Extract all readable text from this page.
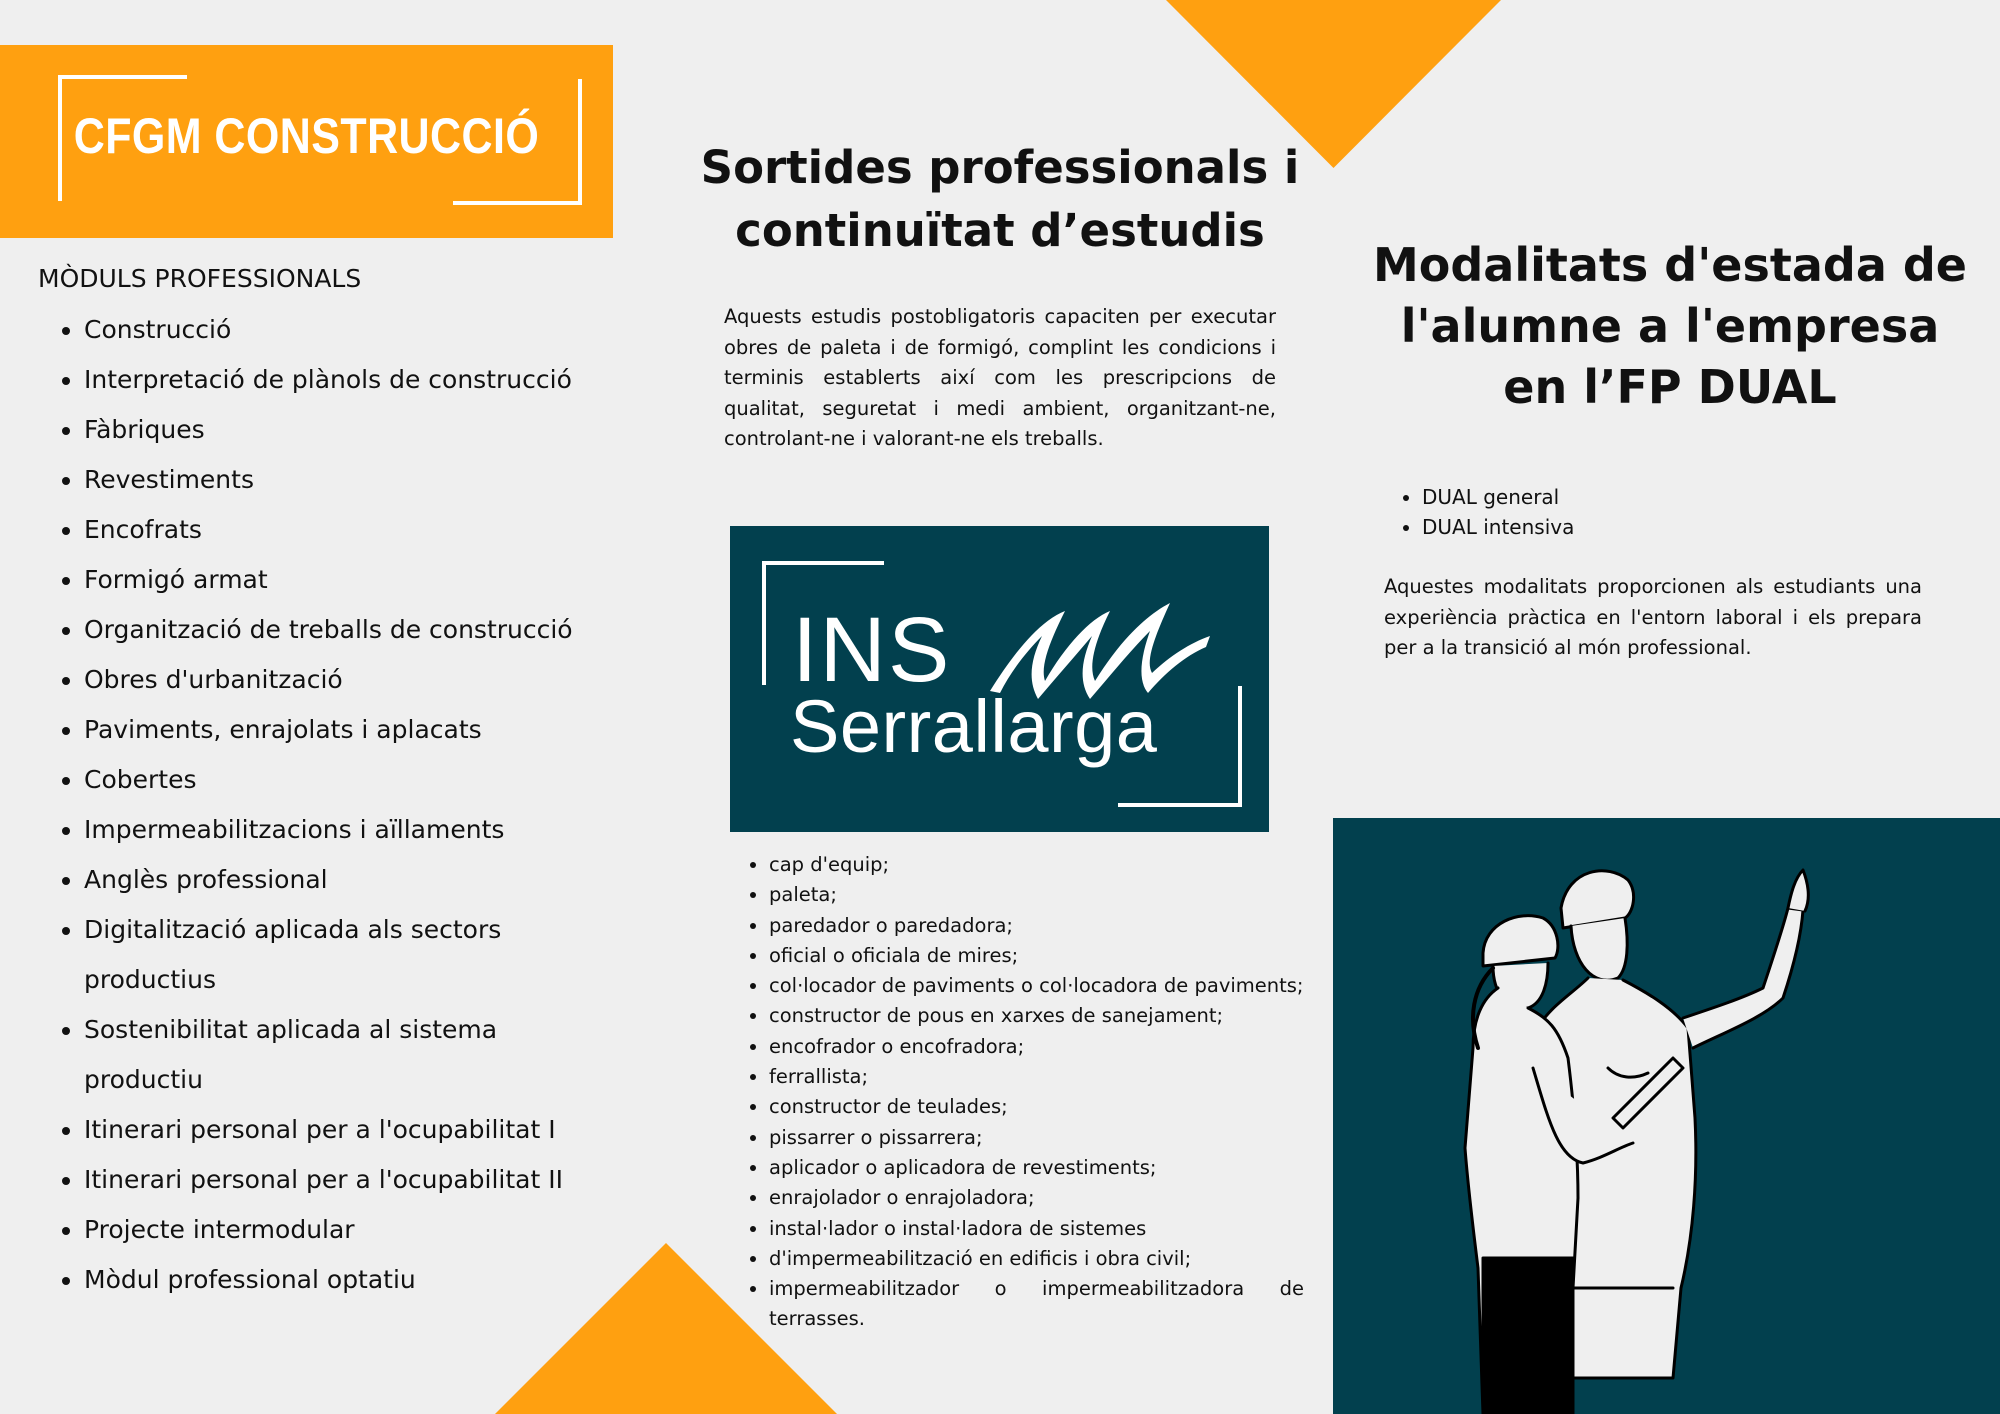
CFGM CONSTRUCCIÓ
MÒDULS PROFESSIONALS
• Construcció
• Interpretació de plànols de construcció
• Fàbriques
• Revestiments
• Encofrats
• Formigó armat
• Organització de treballs de construcció
• Obres d'urbanització
• Paviments, enrajolats i aplacats
• Cobertes
• Impermeabilitzacions i aïllaments
• Anglès professional
• Digitalització aplicada als sectors productius
• Sostenibilitat aplicada al sistema productiu
• Itinerari personal per a l'ocupabilitat I
• Itinerari personal per a l'ocupabilitat II
• Projecte intermodular
• Mòdul professional optatiu
Sortides professionals i continuïtat d’estudis

Aquests estudis postobligatoris capaciten per executar obres de paleta i de formigó, complint les condicions i terminis establerts així com les prescripcions de qualitat, seguretat i medi ambient, organitzant-ne, controlant-ne i valorant-ne els treballs.

INS
Serrallarga
• cap d'equip;
• paleta;
• paredador o paredadora;
• oficial o oficiala de mires;
• col·locador de paviments o col·locadora de paviments;
• constructor de pous en xarxes de sanejament;
• encofrador o encofradora;
• ferrallista;
• constructor de teulades;
• pissarrer o pissarrera;
• aplicador o aplicadora de revestiments;
• enrajolador o enrajoladora;
• instal·lador o instal·ladora de sistemes
• d'impermeabilització en edificis i obra civil;
• impermeabilitzador o impermeabilitzadora de terrasses.
Modalitats d'estada de l'alumne a l'empresa en l’FP DUAL
• DUAL general
• DUAL intensiva

Aquestes modalitats proporcionen als estudiants una experiència pràctica en l'entorn laboral i els prepara per a la transició al món professional.
